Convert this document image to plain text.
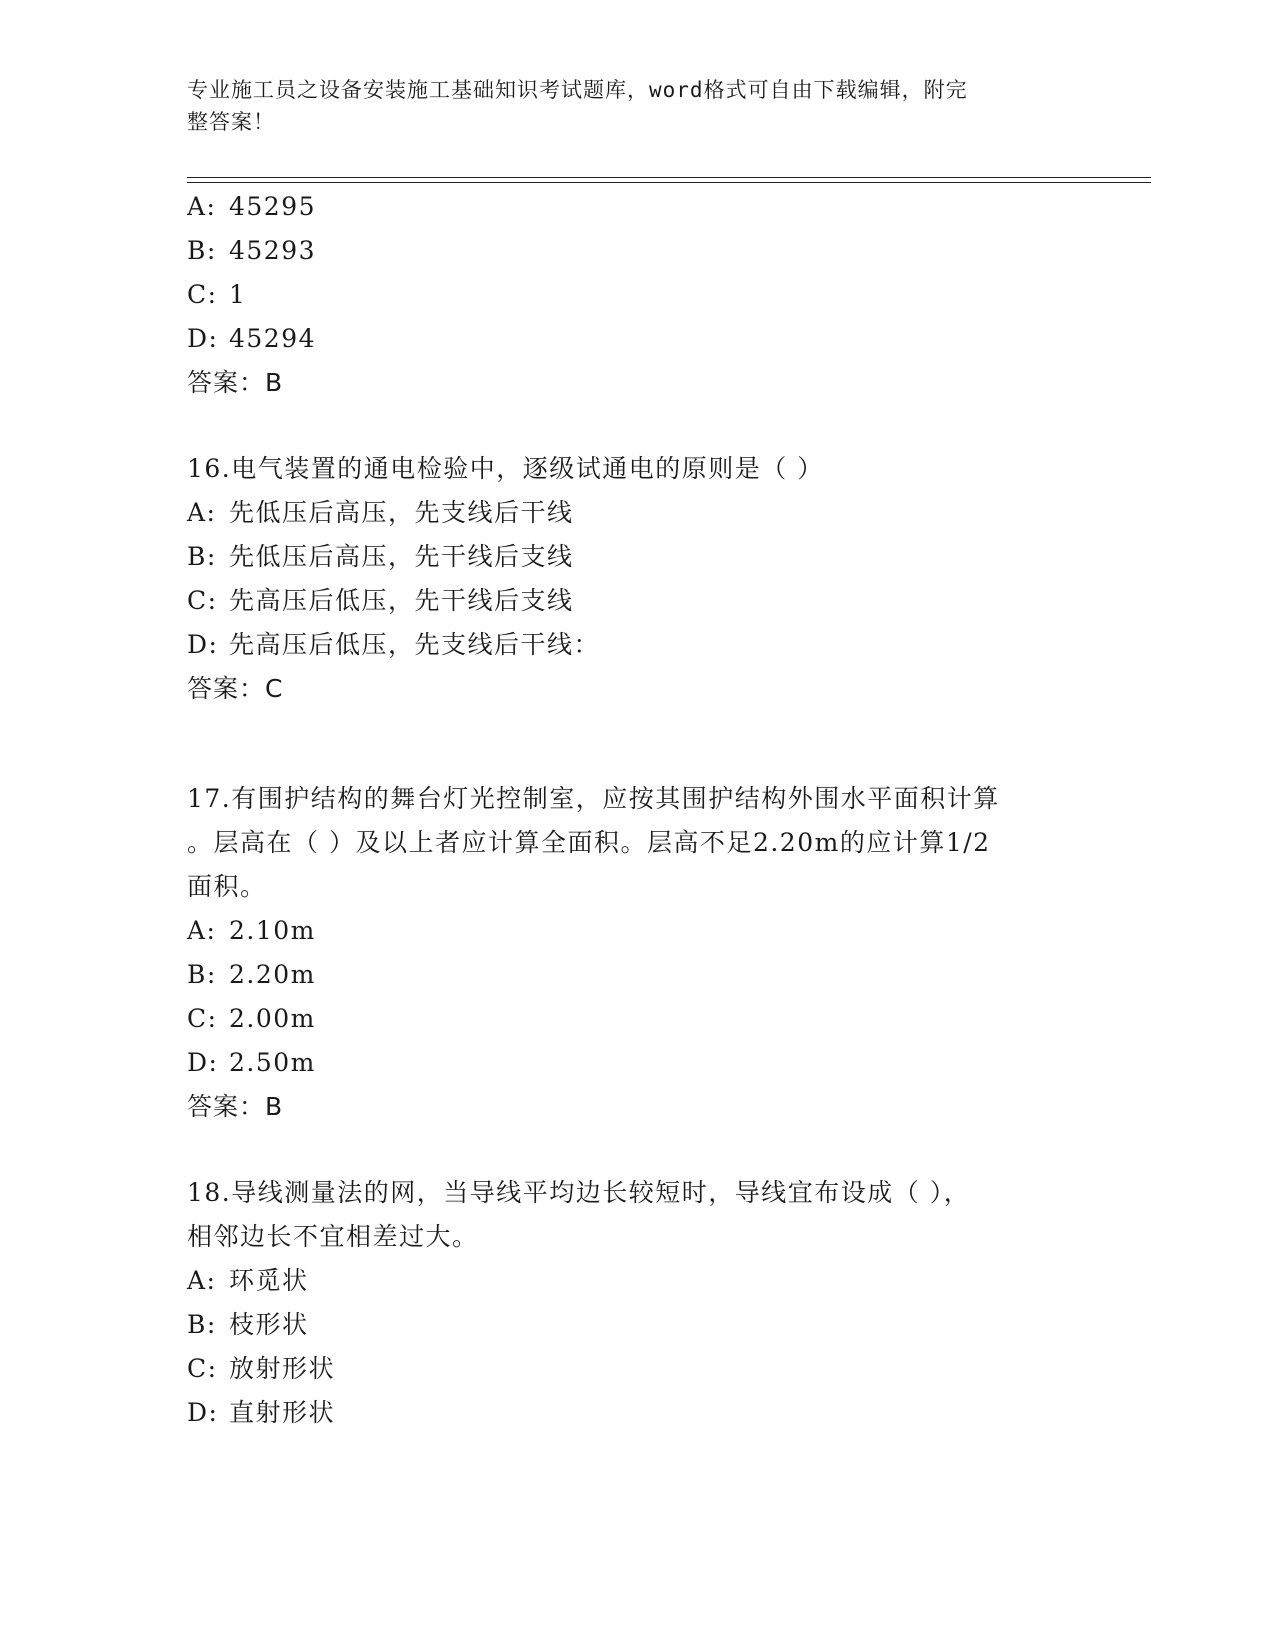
专业施工员之设备安装施工基础知识考试题库，word格式可自由下载编辑，附完
整答案！
A: 45295
B: 45293
C: 1
D: 45294
答案：B
16.电气装置的通电检验中，逐级试通电的原则是（ ）
A: 先低压后高压，先支线后干线
B: 先低压后高压，先干线后支线
C: 先高压后低压，先干线后支线
D: 先高压后低压，先支线后干线：
答案：C
17.有围护结构的舞台灯光控制室，应按其围护结构外围水平面积计算
。层高在（ ）及以上者应计算全面积。层高不足2.20m的应计算1/2
面积。
A: 2.10m
B: 2.20m
C: 2.00m
D: 2.50m
答案：B
18.导线测量法的网，当导线平均边长较短时，导线宜布设成（ ），
相邻边长不宜相差过大。
A: 环觅状
B: 枝形状
C: 放射形状
D: 直射形状
